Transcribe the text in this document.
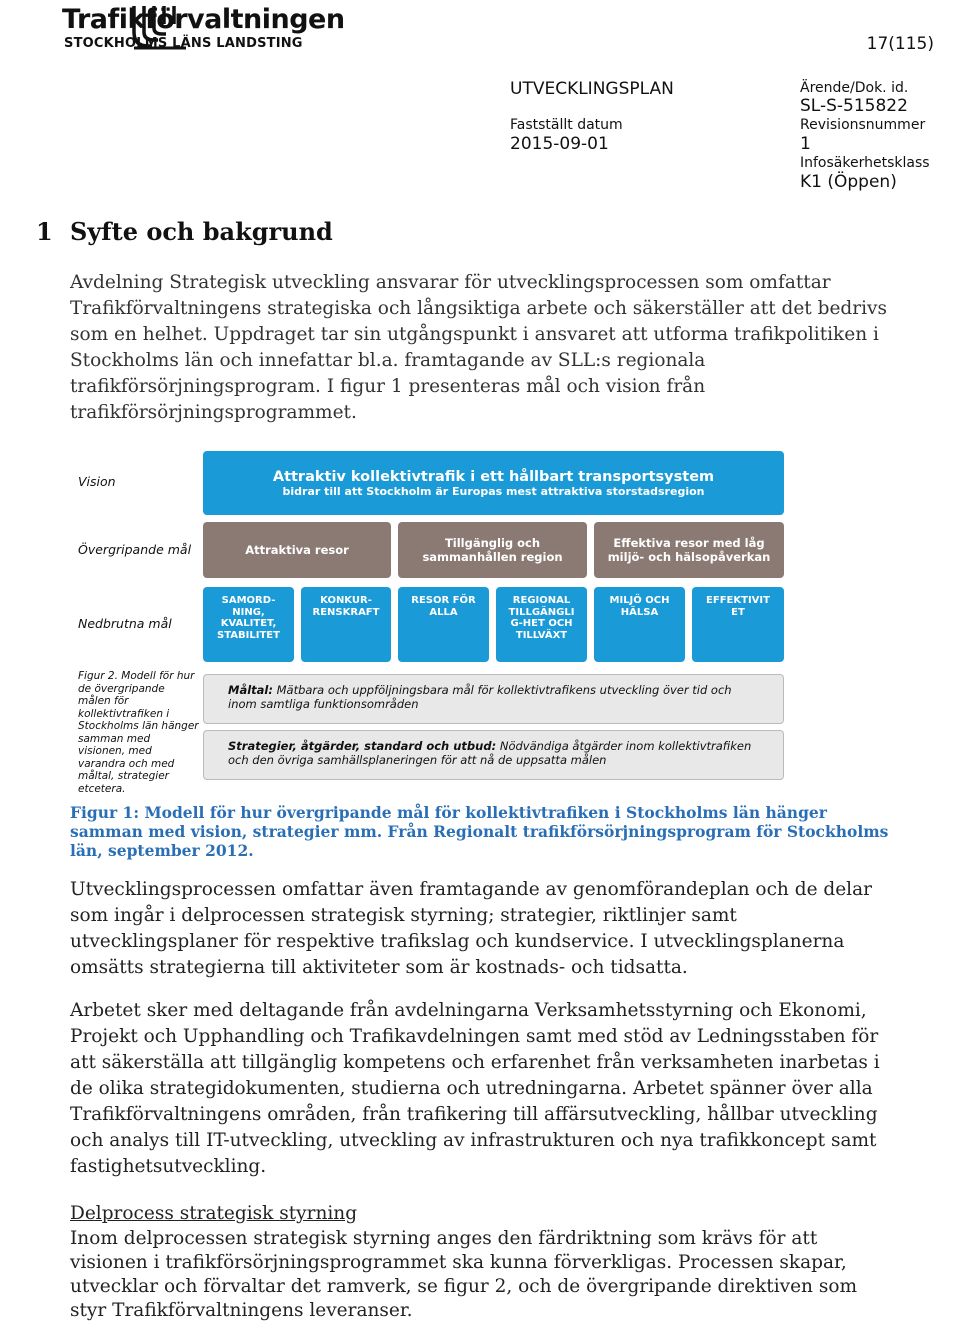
Trafikförvaltningen
STOCKHOLMS LÄNS LANDSTING	17(115)
UTVECKLINGSPLAN
Fastställt datum
2015-09-01
Ärende/Dok. id.
SL-S-515822
Revisionsnummer
1
Infosäkerhetsklass
K1 (Öppen)
1 Syfte och bakgrund
Avdelning Strategisk utveckling ansvarar för utvecklingsprocessen som omfattar Trafikförvaltningens strategiska och långsiktiga arbete och säkerställer att det bedrivs som en helhet. Uppdraget tar sin utgångspunkt i ansvaret att utforma trafikpolitiken i Stockholms län och innefattar bl.a. framtagande av SLL:s regionala trafikförsörjningsprogram. I figur 1 presenteras mål och vision från trafikförsörjningsprogrammet.
Vision
Övergripande mål
Nedbrutna mål
Attraktiv kollektivtrafik i ett hållbart transportsystem
bidrar till att Stockholm är Europas mest attraktiva storstadsregion
Attraktiva resor	Tillgänglig och
sammanhållen region
Effektiva resor med låg
miljö- och hälsopåverkan
SAMORD-
NING,
KVALITET,
STABILITET
KONKUR-
RENSKRAFT
RESOR FÖR
ALLA
REGIONAL
TILLGÄNGLI
G-HET OCH
TILLVÄXT
MILJÖ OCH
HÄLSA
EFFEKTIVIT
ET
Figur 2. Modell för hur de övergripande målen för kollektivtrafiken i Stockholms län hänger samman med visionen, med varandra och med måltal, strategier etcetera.
Måltal: Mätbara och uppföljningsbara mål för kollektivtrafikens utveckling över tid och inom samtliga funktionsområden
Strategier, åtgärder, standard och utbud: Nödvändiga åtgärder inom kollektivtrafiken och den övriga samhällsplaneringen för att nå de uppsatta målen
Figur 1: Modell för hur övergripande mål för kollektivtrafiken i Stockholms län hänger samman med vision, strategier mm. Från Regionalt trafikförsörjningsprogram för Stockholms län, september 2012.
Utvecklingsprocessen omfattar även framtagande av genomförandeplan och de delar som ingår i delprocessen strategisk styrning; strategier, riktlinjer samt utvecklingsplaner för respektive trafikslag och kundservice. I utvecklingsplanerna omsätts strategierna till aktiviteter som är kostnads- och tidsatta.
Arbetet sker med deltagande från avdelningarna Verksamhetsstyrning och Ekonomi, Projekt och Upphandling och Trafikavdelningen samt med stöd av Ledningsstaben för att säkerställa att tillgänglig kompetens och erfarenhet från verksamheten inarbetas i de olika strategidokumenten, studierna och utredningarna. Arbetet spänner över alla Trafikförvaltningens områden, från trafikering till affärsutveckling, hållbar utveckling och analys till IT-utveckling, utveckling av infrastrukturen och nya trafikkoncept samt fastighetsutveckling.
Delprocess strategisk styrning
Inom delprocessen strategisk styrning anges den färdriktning som krävs för att visionen i trafikförsörjningsprogrammet ska kunna förverkligas. Processen skapar, utvecklar och förvaltar det ramverk, se figur 2, och de övergripande direktiven som styr Trafikförvaltningens leveranser.
